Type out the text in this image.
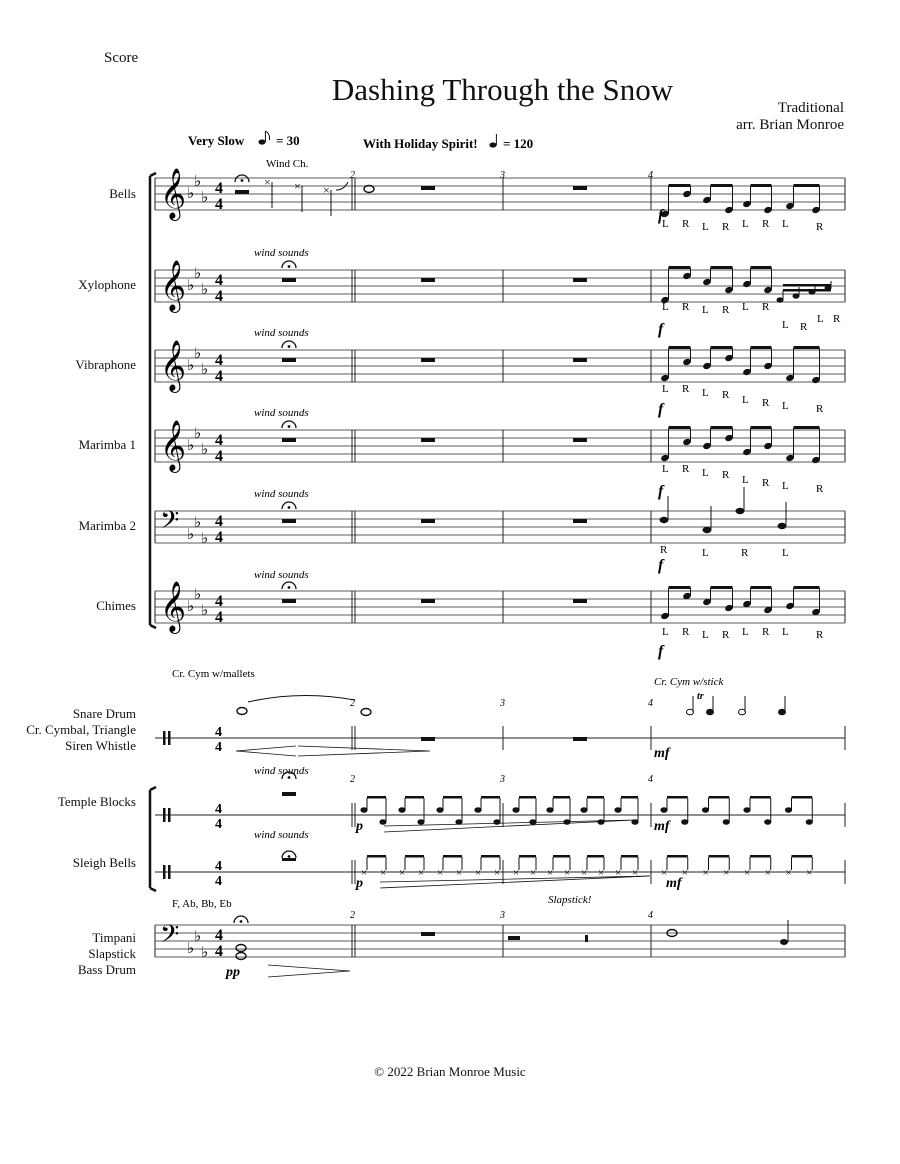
Score
Dashing Through the Snow
Traditional
arr. Brian Monroe
Bells
Xylophone
Vibraphone
Marimba 1
Marimba 2
Chimes
Snare Drum
Cr. Cymbal, Triangle
Siren Whistle
Temple Blocks
Sleigh Bells
Timpani
Slapstick
Bass Drum
© 2022 Brian Monroe Music
Very Slow = 30	With Holiday Spirit! = 120
𝄞 ♭
♭
♭
4
4
𝄞 ♭
♭
♭
4
4
𝄞 ♭
♭
♭
4
4
𝄞 ♭
♭
♭
4
4
𝄢 ♭
♭
♭
4
4
𝄞 ♭
♭
♭
4
4
𝄢 ♭
♭
♭
4
4
4
4
4
4
4
4
× × ×
× × × × × × × × × × × × × × × × × × × × × × × ×
2	3	4
2	3	4
2	3	4
2	3	4
Wind Ch.
wind sounds
wind sounds
wind sounds
wind sounds
wind sounds
wind sounds
wind sounds
Cr. Cym w/mallets
Cr. Cym w/stick
tr
F, Ab, Bb, Eb	Slapstick!
f
f
f
f
f
f
mf
p	mf
p	mf
pp
L R L R L R L R
L R L R L R
L R
L R
L R L R L R L R
L R L R L R L R
R	L	R	L
L R L R L R L R
